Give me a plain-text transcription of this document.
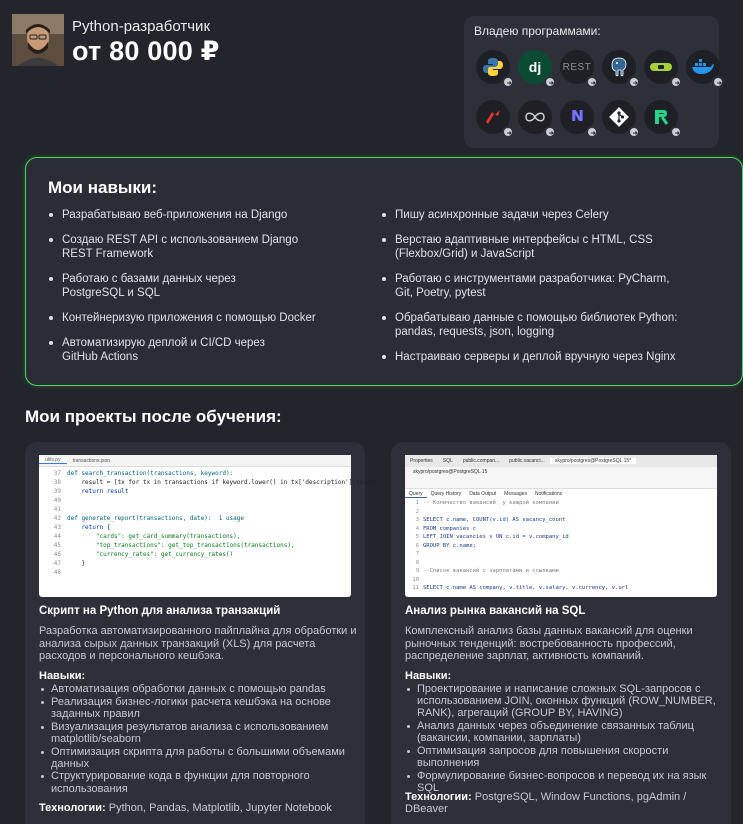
Python-разработчик
от 80 000 ₽
Владею программами:
dj REST
N
Мои навыки:
Разрабатываю веб-приложения на Django
Создаю REST API с использованием Django REST Framework
Работаю с базами данных через PostgreSQL и SQL
Контейнеризую приложения с помощью Docker
Автоматизирую деплой и CI/CD через GitHub Actions
Пишу асинхронные задачи через Celery
Верстаю адаптивные интерфейсы с HTML, CSS (Flexbox/Grid) и JavaScript
Работаю с инструментами разработчика: PyCharm, Git, Poetry, pytest
Обрабатываю данные с помощью библиотек Python: pandas, requests, json, logging
Настраиваю серверы и деплой вручную через Nginx
Мои проекты после обучения:
utils.py	transactions.json
37 def search_transaction(transactions, keyword):
38    result = [tx for tx in transactions if keyword.lower() in tx['description'].lower()]
39    return result
40
41
42 def generate_report(transactions, date):  1 usage
43    return {
44        "cards": get_card_summary(transactions),
45        "top_transactions": get_top_transactions(transactions),
46        "currency_rates": get_currency_rates()
47    }
48
Скрипт на Python для анализа транзакций
Разработка автоматизированного пайплайна для обработки и анализа сырых данных транзакций (XLS) для расчета расходов и персонального кешбэка.
Навыки:
Автоматизация обработки данных с помощью pandas
Реализация бизнес-логики расчета кешбэка на основе заданных правил
Визуализация результатов анализа с использованием matplotlib/seaborn
Оптимизация скрипта для работы с большими объемами данных
Структурирование кода в функции для повторного использования
Технологии: Python, Pandas, Matplotlib, Jupyter Notebook
Properties	SQL	public.compan...	public.vacanci...	skypro/postgres@PostgreSQL 15*
skypro/postgres@PostgreSQL 15
Query	Query History	Data Output	Messages	Notifications
1 -- Количество вакансий  у каждой компании
2
3 SELECT c.name, COUNT(v.id) AS vacancy_count
4 FROM companies c
5 LEFT JOIN vacancies v ON c.id = v.company_id
6 GROUP BY c.name;
7
8
9 --Список вакансий с зарплатами и ссылками
10
11 SELECT c.name AS company, v.title, v.salary, v.currency, v.url
Анализ рынка вакансий на SQL
Комплексный анализ базы данных вакансий для оценки рыночных тенденций: востребованность профессий, распределение зарплат, активность компаний.
Навыки:
Проектирование и написание сложных SQL-запросов с использованием JOIN, оконных функций (ROW_NUMBER, RANK), агрегаций (GROUP BY, HAVING)
Анализ данных через объединение связанных таблиц (вакансии, компании, зарплаты)
Оптимизация запросов для повышения скорости выполнения
Формулирование бизнес-вопросов и перевод их на язык SQL
Технологии: PostgreSQL, Window Functions, pgAdmin / DBeaver
